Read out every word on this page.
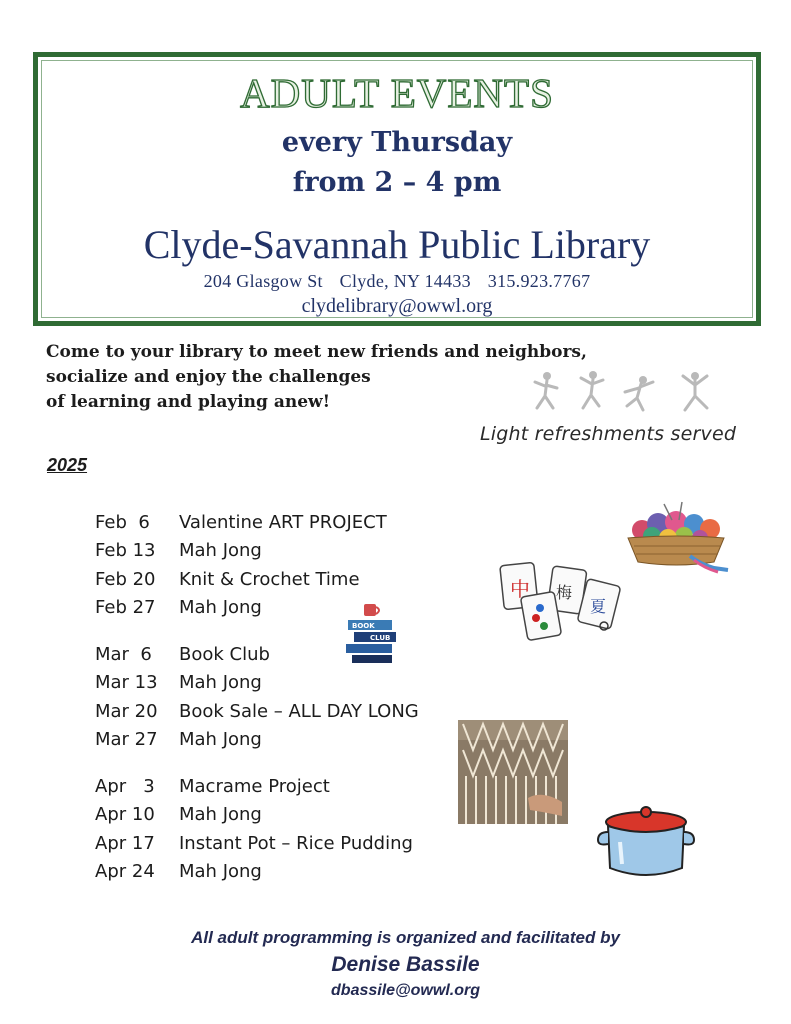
ADULT EVENTS
every Thursday
from 2 – 4 pm
Clyde-Savannah Public Library
204 Glasgow St Clyde, NY 14433 315.923.7767
clydelibrary@owwl.org
Come to your library to meet new friends and neighbors,
socialize and enjoy the challenges
of learning and playing anew!
Light refreshments served
2025
Feb  6	Valentine ART PROJECT
Feb 13	Mah Jong
Feb 20	Knit & Crochet Time
Feb 27	Mah Jong
Mar  6	Book Club
Mar 13	Mah Jong
Mar 20	Book Sale – ALL DAY LONG
Mar 27	Mah Jong
Apr   3	Macrame Project
Apr 10	Mah Jong
Apr 17	Instant Pot – Rice Pudding
Apr 24	Mah Jong
中 梅
夏
BOOK
CLUB
All adult programming is organized and facilitated by
Denise Bassile
dbassile@owwl.org
